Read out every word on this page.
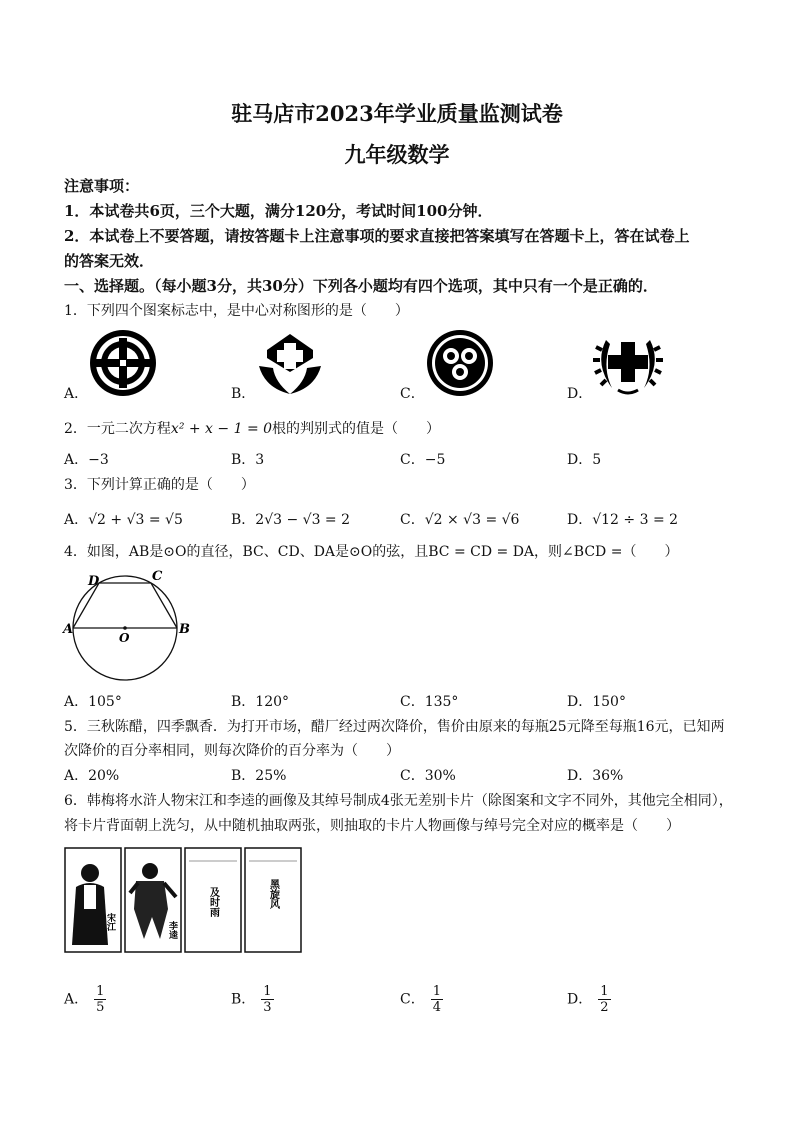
驻马店市2023年学业质量监测试卷
九年级数学
注意事项：
1．本试卷共6页，三个大题，满分120分，考试时间100分钟．
2．本试卷上不要答题，请按答题卡上注意事项的要求直接把答案填写在答题卡上，答在试卷上
的答案无效．
一、选择题。（每小题3分，共30分）下列各小题均有四个选项，其中只有一个是正确的．
1．下列四个图案标志中，是中心对称图形的是（　　）
A．	B．	C．	D．
2．一元二次方程x² + x − 1 = 0根的判别式的值是（　　）
A．−3	B．3	C．−5	D．5
3．下列计算正确的是（　　）
A．√2 + √3 = √5	B．2√3 − √3 = 2	C．√2 × √3 = √6	D．√12 ÷ 3 = 2
4．如图，AB是⊙O的直径，BC、CD、DA是⊙O的弦，且BC = CD = DA，则∠BCD =（　　）
A	B
C
D
O
A．105°	B．120°	C．135°	D．150°
5．三秋陈醋，四季飘香．为打开市场，醋厂经过两次降价，售价由原来的每瓶25元降至每瓶16元，已知两
次降价的百分率相同，则每次降价的百分率为（　　）
A．20%	B．25%	C．30%	D．36%
6．韩梅将水浒人物宋江和李逵的画像及其绰号制成4张无差别卡片（除图案和文字不同外，其他完全相同），
将卡片背面朝上洗匀，从中随机抽取两张，则抽取的卡片人物画像与绰号完全对应的概率是（　　）
宋江	李逵
及时雨	黑旋风
A． $\frac{1}{5}$	B． $\frac{1}{3}$	C． $\frac{1}{4}$	D． $\frac{1}{2}$
